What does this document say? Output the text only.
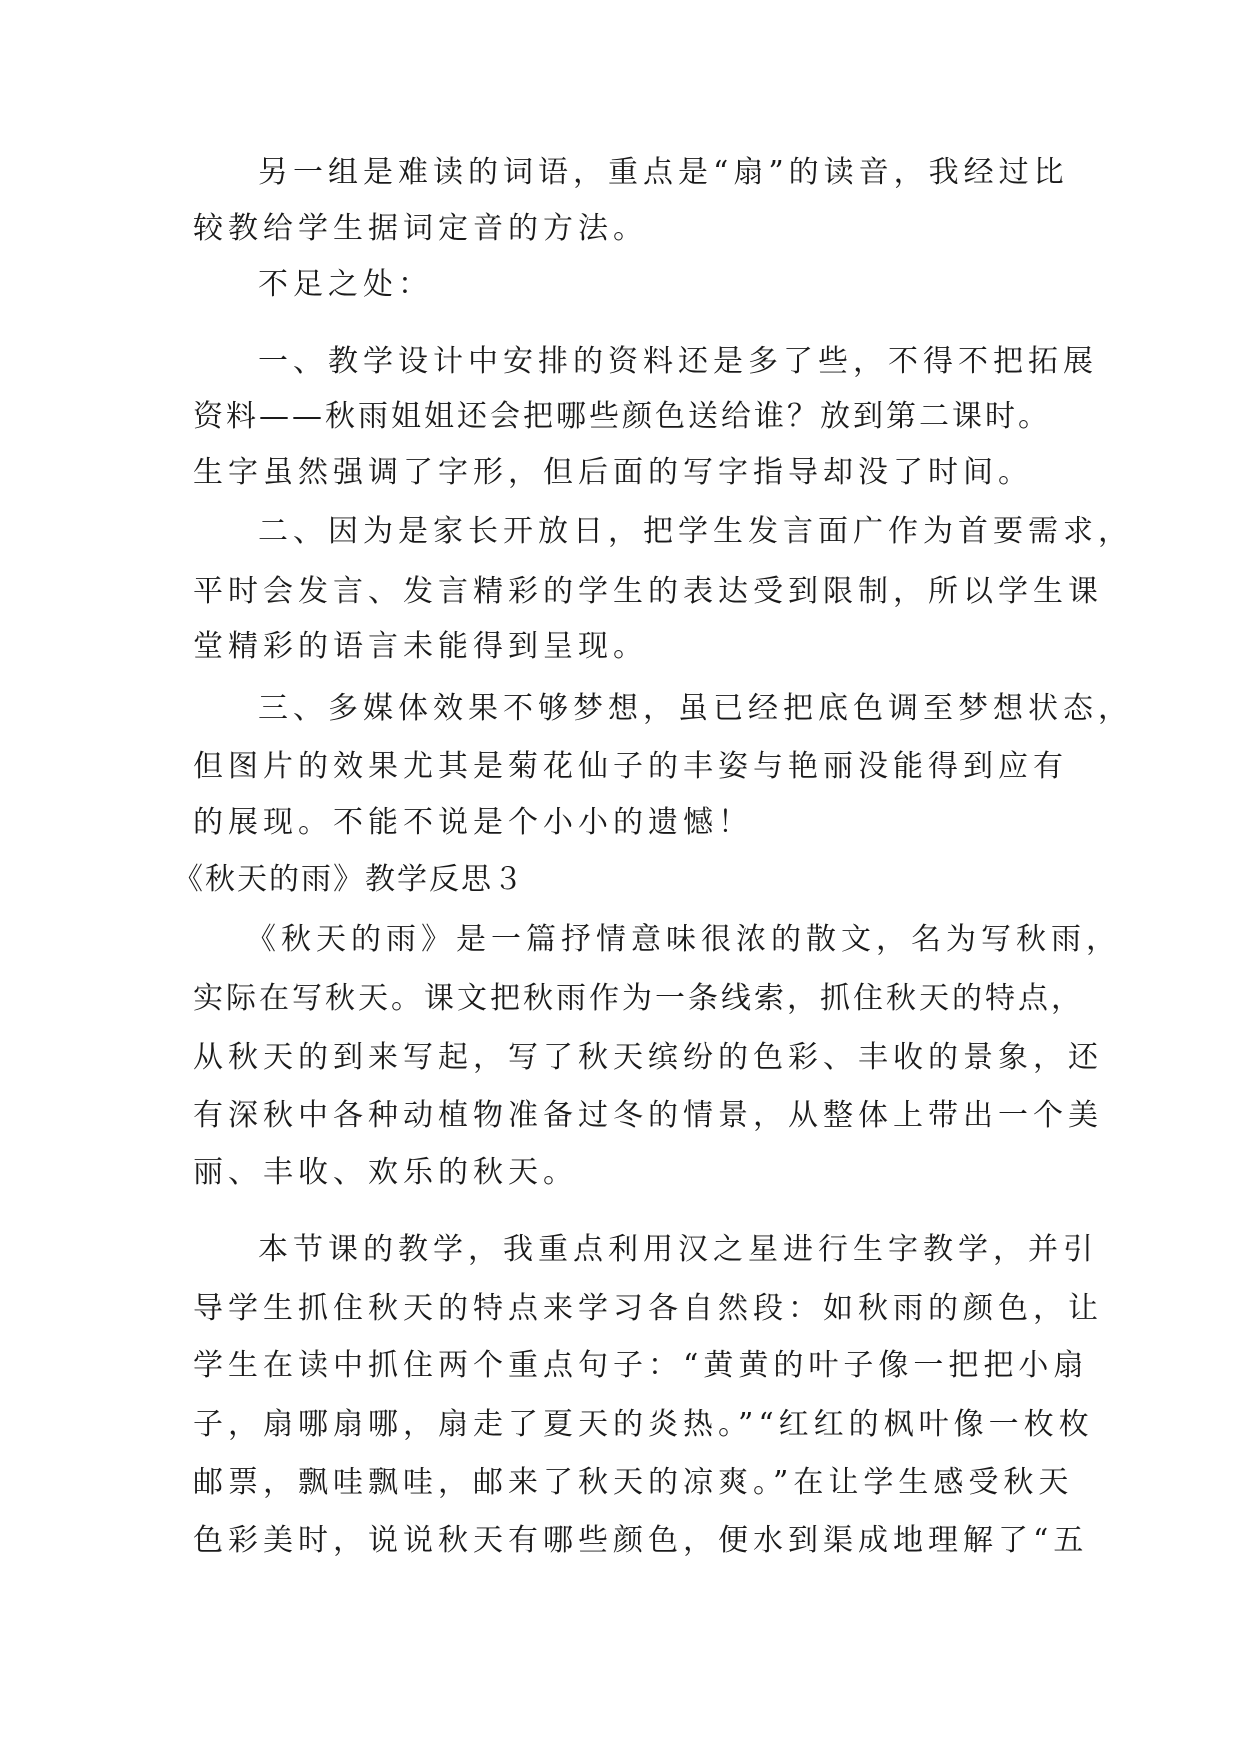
另一组是难读的词语，重点是“扇”的读音，我经过比
较教给学生据词定音的方法。
不足之处：
一、教学设计中安排的资料还是多了些，不得不把拓展
资料——秋雨姐姐还会把哪些颜色送给谁？放到第二课时。
生字虽然强调了字形，但后面的写字指导却没了时间。
二、因为是家长开放日，把学生发言面广作为首要需求，
平时会发言、发言精彩的学生的表达受到限制，所以学生课
堂精彩的语言未能得到呈现。
三、多媒体效果不够梦想，虽已经把底色调至梦想状态，
但图片的效果尤其是菊花仙子的丰姿与艳丽没能得到应有
的展现。不能不说是个小小的遗憾！
《秋天的雨》教学反思３
《秋天的雨》是一篇抒情意味很浓的散文，名为写秋雨，
实际在写秋天。课文把秋雨作为一条线索，抓住秋天的特点，
从秋天的到来写起，写了秋天缤纷的色彩、丰收的景象，还
有深秋中各种动植物准备过冬的情景，从整体上带出一个美
丽、丰收、欢乐的秋天。
本节课的教学，我重点利用汉之星进行生字教学，并引
导学生抓住秋天的特点来学习各自然段：如秋雨的颜色，让
学生在读中抓住两个重点句子：“黄黄的叶子像一把把小扇
子，扇哪扇哪，扇走了夏天的炎热。”“红红的枫叶像一枚枚
邮票，飘哇飘哇，邮来了秋天的凉爽。”在让学生感受秋天
色彩美时，说说秋天有哪些颜色，便水到渠成地理解了“五
